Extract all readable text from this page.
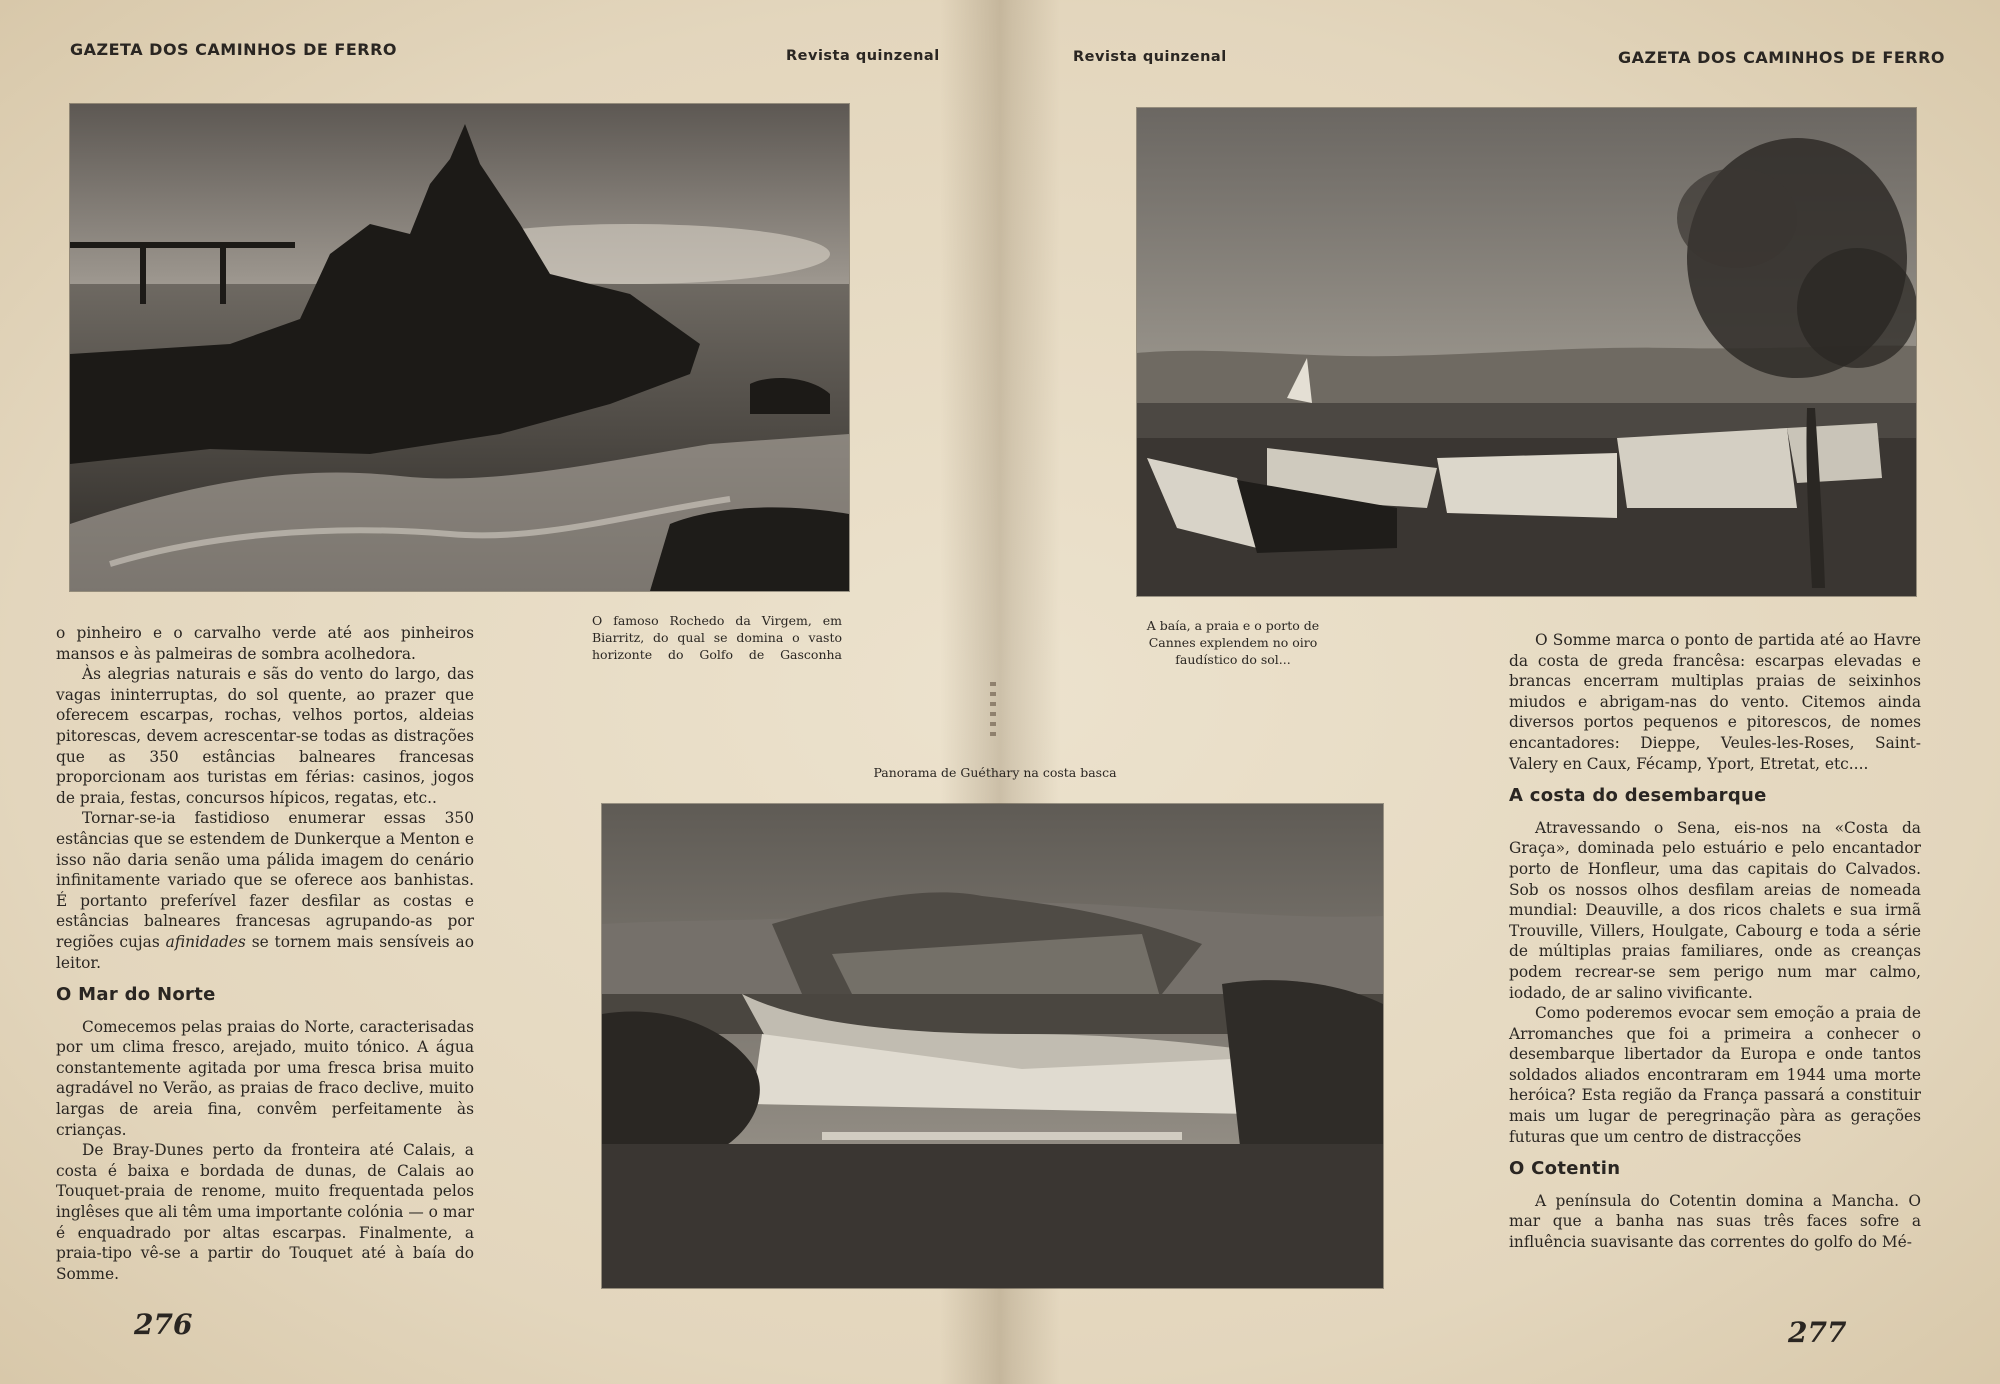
GAZETA DOS CAMINHOS DE FERRO	Revista quinzenal	Revista quinzenal	GAZETA DOS CAMINHOS DE FERRO
O famoso Rochedo da Virgem, em Biarritz, do qual se domina o vasto horizonte do Golfo de Gasconha
A baía, a praia e o porto de Cannes explendem no oiro faudístico do sol...
Panorama de Guéthary na costa basca

o pinheiro e o carvalho verde até aos pinheiros mansos e às palmeiras de sombra acolhedora.

Às alegrias naturais e sãs do vento do largo, das vagas ininterruptas, do sol quente, ao prazer que oferecem escarpas, rochas, velhos portos, aldeias pitorescas, devem acrescentar-se todas as distrações que as 350 estâncias balneares francesas proporcionam aos turistas em férias: casinos, jogos de praia, festas, concursos hípicos, regatas, etc..

Tornar-se-ia fastidioso enumerar essas 350 estâncias que se estendem de Dunkerque a Menton e isso não daria senão uma pálida imagem do cenário infinitamente variado que se oferece aos banhistas. É portanto preferível fazer desfilar as costas e estâncias balneares francesas agrupando-as por regiões cujas afinidades se tornem mais sensíveis ao leitor.

O Mar do Norte

Comecemos pelas praias do Norte, caracterisadas por um clima fresco, arejado, muito tónico. A água constantemente agitada por uma fresca brisa muito agradável no Verão, as praias de fraco declive, muito largas de areia fina, convêm perfeitamente às crianças.

De Bray-Dunes perto da fronteira até Calais, a costa é baixa e bordada de dunas, de Calais ao Touquet-praia de renome, muito frequentada pelos inglêses que ali têm uma importante colónia — o mar é enquadrado por altas escarpas. Finalmente, a praia-tipo vê-se a partir do Touquet até à baía do Somme.

O Somme marca o ponto de partida até ao Havre da costa de greda francêsa: escarpas elevadas e brancas encerram multiplas praias de seixinhos miudos e abrigam-nas do vento. Citemos ainda diversos portos pequenos e pitorescos, de nomes encantadores: Dieppe, Veules-les-Roses, Saint-Valery en Caux, Fécamp, Yport, Etretat, etc....

A costa do desembarque

Atravessando o Sena, eis-nos na «Costa da Graça», dominada pelo estuário e pelo encantador porto de Honfleur, uma das capitais do Calvados. Sob os nossos olhos desfilam areias de nomeada mundial: Deauville, a dos ricos chalets e sua irmã Trouville, Villers, Houlgate, Cabourg e toda a série de múltiplas praias familiares, onde as creanças podem recrear-se sem perigo num mar calmo, iodado, de ar salino vivificante.

Como poderemos evocar sem emoção a praia de Arromanches que foi a primeira a conhecer o desembarque libertador da Europa e onde tantos soldados aliados encontraram em 1944 uma morte heróica? Esta região da França passará a constituir mais um lugar de peregrinação pàra as gerações futuras que um centro de distracções

O Cotentin

A península do Cotentin domina a Mancha. O mar que a banha nas suas três faces sofre a influência suavisante das correntes do golfo do Mé-

276	277
